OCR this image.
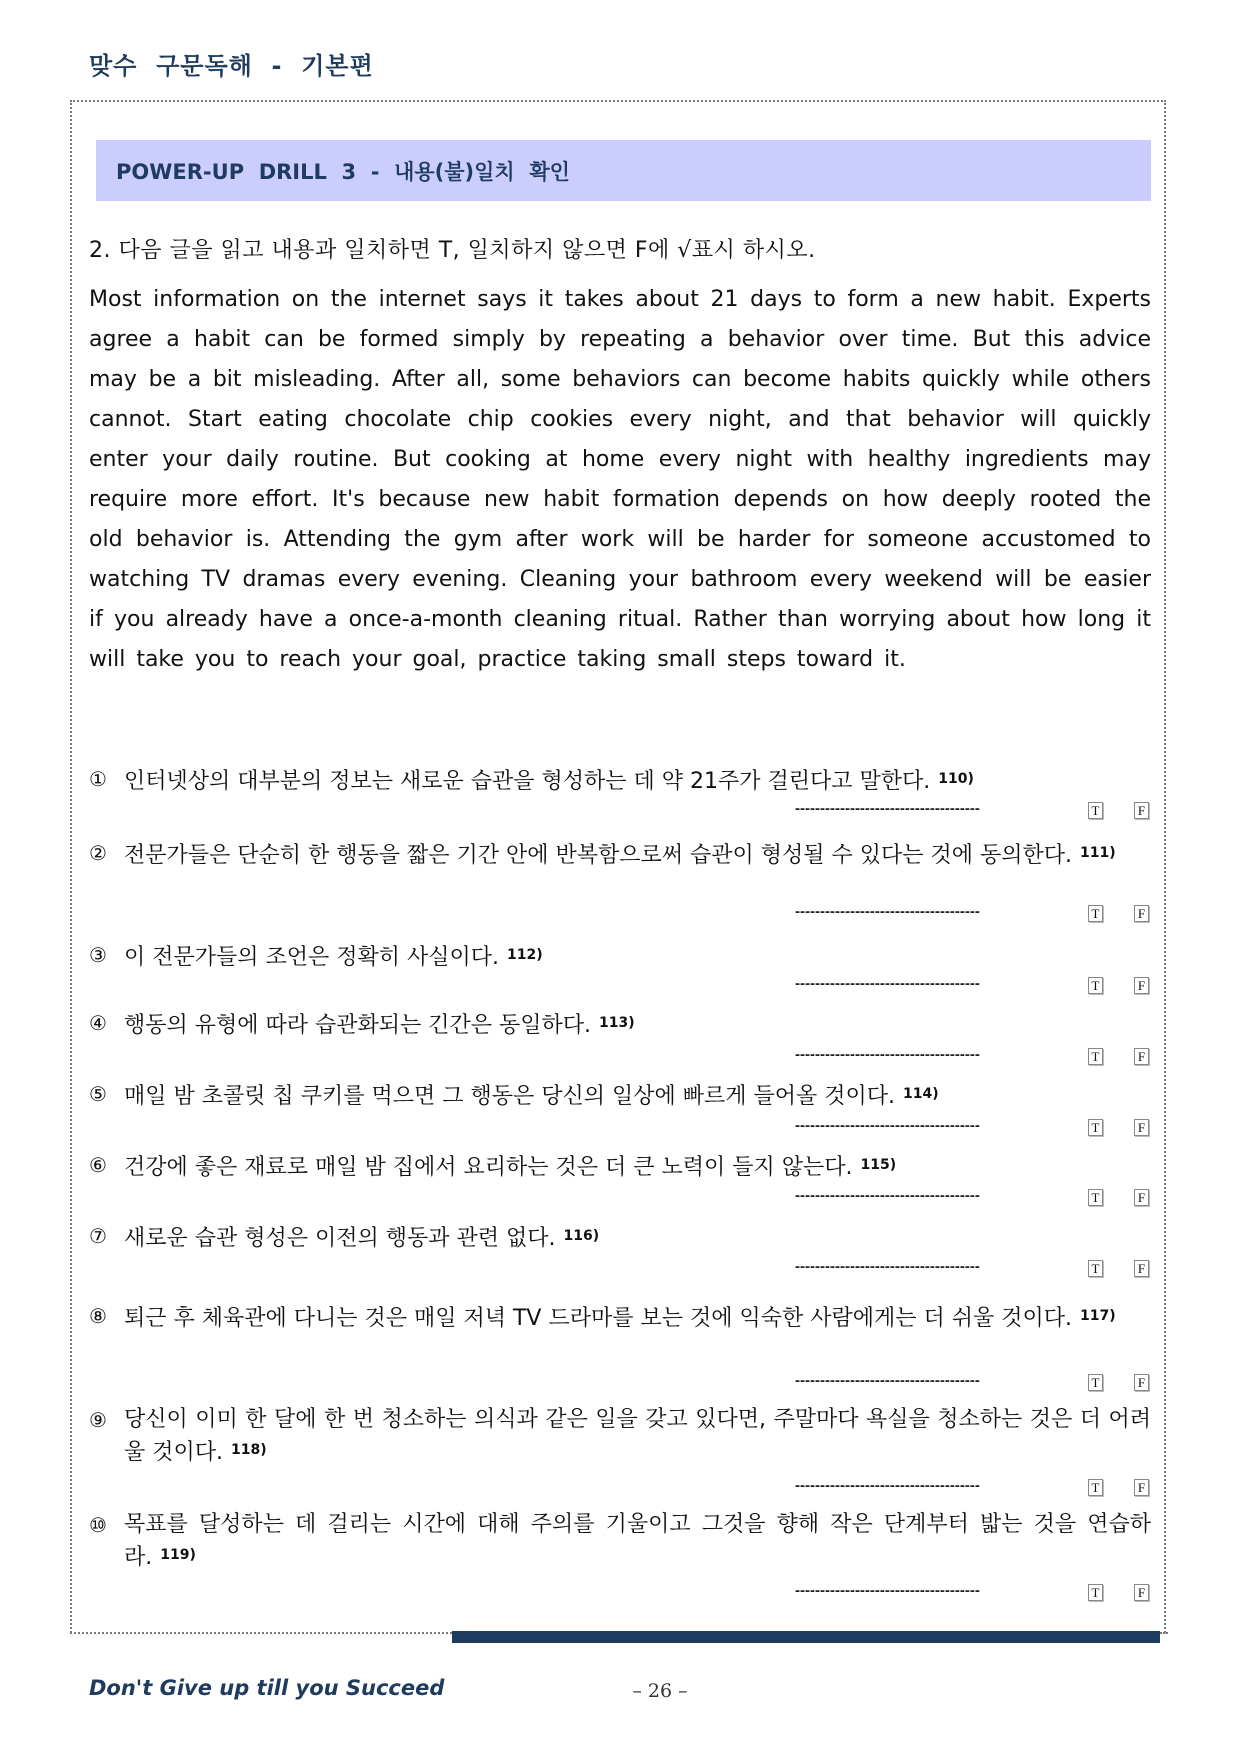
맞수  구문독해  -  기본편
POWER-UP  DRILL  3  -  내용(불)일치  확인
2. 다음 글을 읽고 내용과 일치하면 T, 일치하지 않으면 F에 √표시 하시오.

Most information on the internet says it takes about 21 days to form a new habit. Experts agree a habit can be formed simply by repeating a behavior over time. But this advice may be a bit misleading. After all, some behaviors can become habits quickly while others cannot. Start eating chocolate chip cookies every night, and that behavior will quickly enter your daily routine. But cooking at home every night with healthy ingredients may require more effort. It's because new habit formation depends on how deeply rooted the old behavior is. Attending the gym after work will be harder for someone accustomed to watching TV dramas every evening. Cleaning your bathroom every weekend will be easier if you already have a once-a-month cleaning ritual. Rather than worrying about how long it will take you to reach your goal, practice taking small steps toward it.

① 인터넷상의 대부분의 정보는 새로운 습관을 형성하는 데 약 21주가 걸린다고 말한다. $^{110)}$
-------------------------------------	T	F
② 전문가들은 단순히 한 행동을 짧은 기간 안에 반복함으로써 습관이 형성될 수 있다는 것에 동의한다. $^{111)}$
-------------------------------------	T	F
③ 이 전문가들의 조언은 정확히 사실이다. $^{112)}$
-------------------------------------	T	F
④ 행동의 유형에 따라 습관화되는 긴간은 동일하다. $^{113)}$
-------------------------------------	T	F
⑤ 매일 밤 초콜릿 칩 쿠키를 먹으면 그 행동은 당신의 일상에 빠르게 들어올 것이다. $^{114)}$
-------------------------------------	T	F
⑥ 건강에 좋은 재료로 매일 밤 집에서 요리하는 것은 더 큰 노력이 들지 않는다. $^{115)}$
-------------------------------------	T	F
⑦ 새로운 습관 형성은 이전의 행동과 관련 없다. $^{116)}$
-------------------------------------	T	F
⑧ 퇴근 후 체육관에 다니는 것은 매일 저녁 TV 드라마를 보는 것에 익숙한 사람에게는 더 쉬울 것이다. $^{117)}$
-------------------------------------	T	F
⑨ 당신이 이미 한 달에 한 번 청소하는 의식과 같은 일을 갖고 있다면, 주말마다 욕실을 청소하는 것은 더 어려울 것이다. $^{118)}$
-------------------------------------	T	F
⑩ 목표를 달성하는 데 걸리는 시간에 대해 주의를 기울이고 그것을 향해 작은 단계부터 밟는 것을 연습하라. $^{119)}$
-------------------------------------	T	F
Don't Give up till you Succeed	– 26 –
